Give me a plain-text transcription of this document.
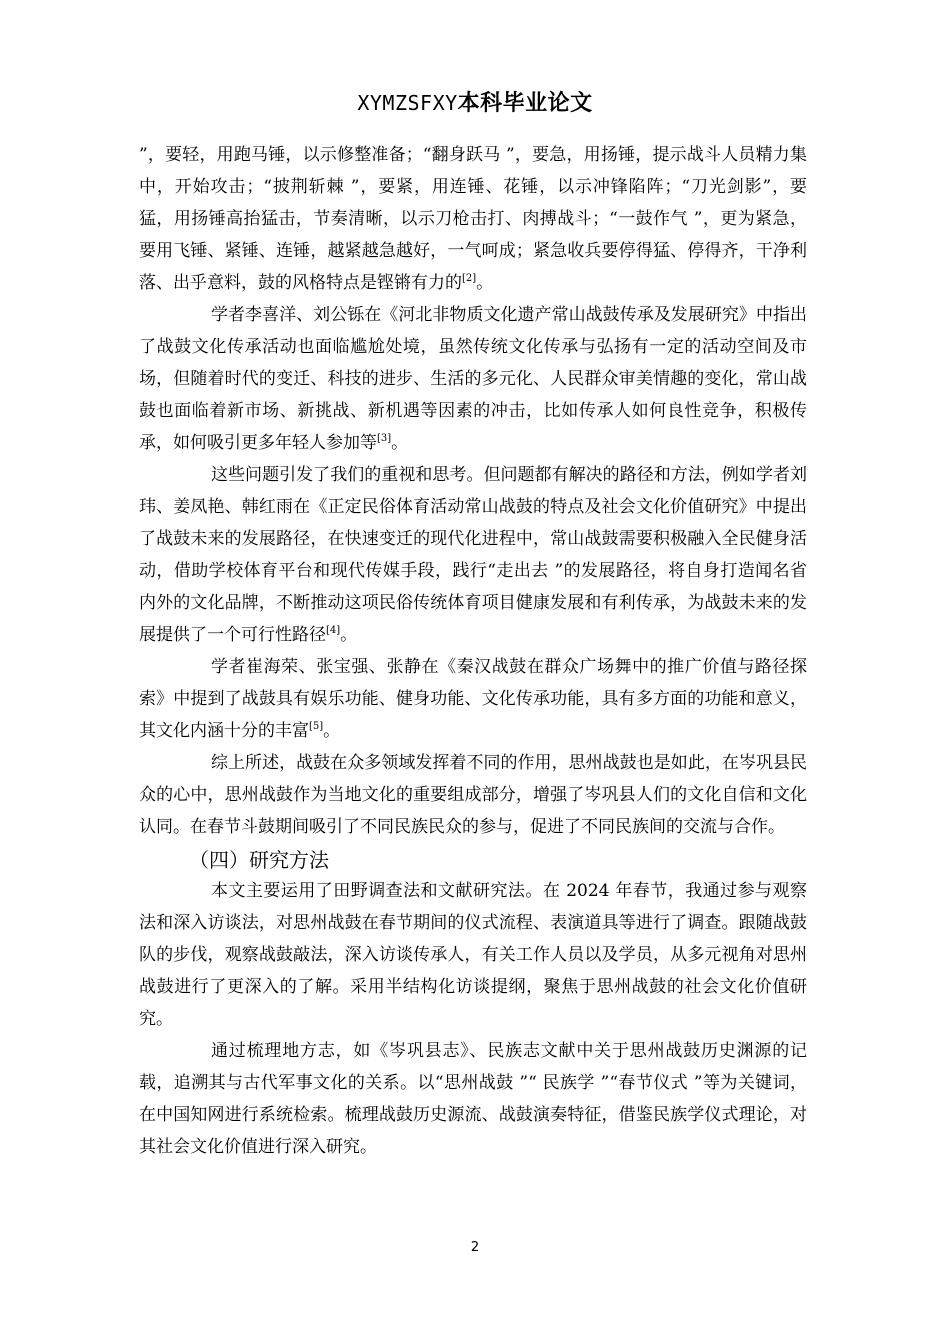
XYMZSFXY本科毕业论文

”，要轻，用跑马锤，以示修整准备；“翻身跃马 ”，要急，用扬锤，提示战斗人员精力集中，开始攻击；“披荆斩棘 ”，要紧，用连锤、花锤，以示冲锋陷阵；“刀光剑影”，要猛，用扬锤高抬猛击，节奏清晰，以示刀枪击打、肉搏战斗；“一鼓作气 ”，更为紧急，要用飞锤、紧锤、连锤，越紧越急越好，一气呵成；紧急收兵要停得猛、停得齐，干净利落、出乎意料，鼓的风格特点是铿锵有力的[2]。

学者李喜洋、刘公铄在《河北非物质文化遗产常山战鼓传承及发展研究》中指出了战鼓文化传承活动也面临尴尬处境，虽然传统文化传承与弘扬有一定的活动空间及市场，但随着时代的变迁、科技的进步、生活的多元化、人民群众审美情趣的变化，常山战鼓也面临着新市场、新挑战、新机遇等因素的冲击，比如传承人如何良性竞争，积极传承，如何吸引更多年轻人参加等[3]。

这些问题引发了我们的重视和思考。但问题都有解决的路径和方法，例如学者刘玮、姜凤艳、韩红雨在《正定民俗体育活动常山战鼓的特点及社会文化价值研究》中提出了战鼓未来的发展路径，在快速变迁的现代化进程中，常山战鼓需要积极融入全民健身活动，借助学校体育平台和现代传媒手段，践行“走出去 ”的发展路径，将自身打造闻名省内外的文化品牌，不断推动这项民俗传统体育项目健康发展和有利传承，为战鼓未来的发展提供了一个可行性路径[4]。

学者崔海荣、张宝强、张静在《秦汉战鼓在群众广场舞中的推广价值与路径探索》中提到了战鼓具有娱乐功能、健身功能、文化传承功能，具有多方面的功能和意义，其文化内涵十分的丰富[5]。

综上所述，战鼓在众多领域发挥着不同的作用，思州战鼓也是如此，在岑巩县民众的心中，思州战鼓作为当地文化的重要组成部分，增强了岑巩县人们的文化自信和文化认同。在春节斗鼓期间吸引了不同民族民众的参与，促进了不同民族间的交流与合作。

（四）研究方法

本文主要运用了田野调查法和文献研究法。在 2024 年春节，我通过参与观察法和深入访谈法，对思州战鼓在春节期间的仪式流程、表演道具等进行了调查。跟随战鼓队的步伐，观察战鼓敲法，深入访谈传承人，有关工作人员以及学员，从多元视角对思州战鼓进行了更深入的了解。采用半结构化访谈提纲，聚焦于思州战鼓的社会文化价值研究。

通过梳理地方志，如《岑巩县志》、民族志文献中关于思州战鼓历史渊源的记载，追溯其与古代军事文化的关系。以“思州战鼓 ”“ 民族学 ”“春节仪式 ”等为关键词，在中国知网进行系统检索。梳理战鼓历史源流、战鼓演奏特征，借鉴民族学仪式理论，对其社会文化价值进行深入研究。

2
